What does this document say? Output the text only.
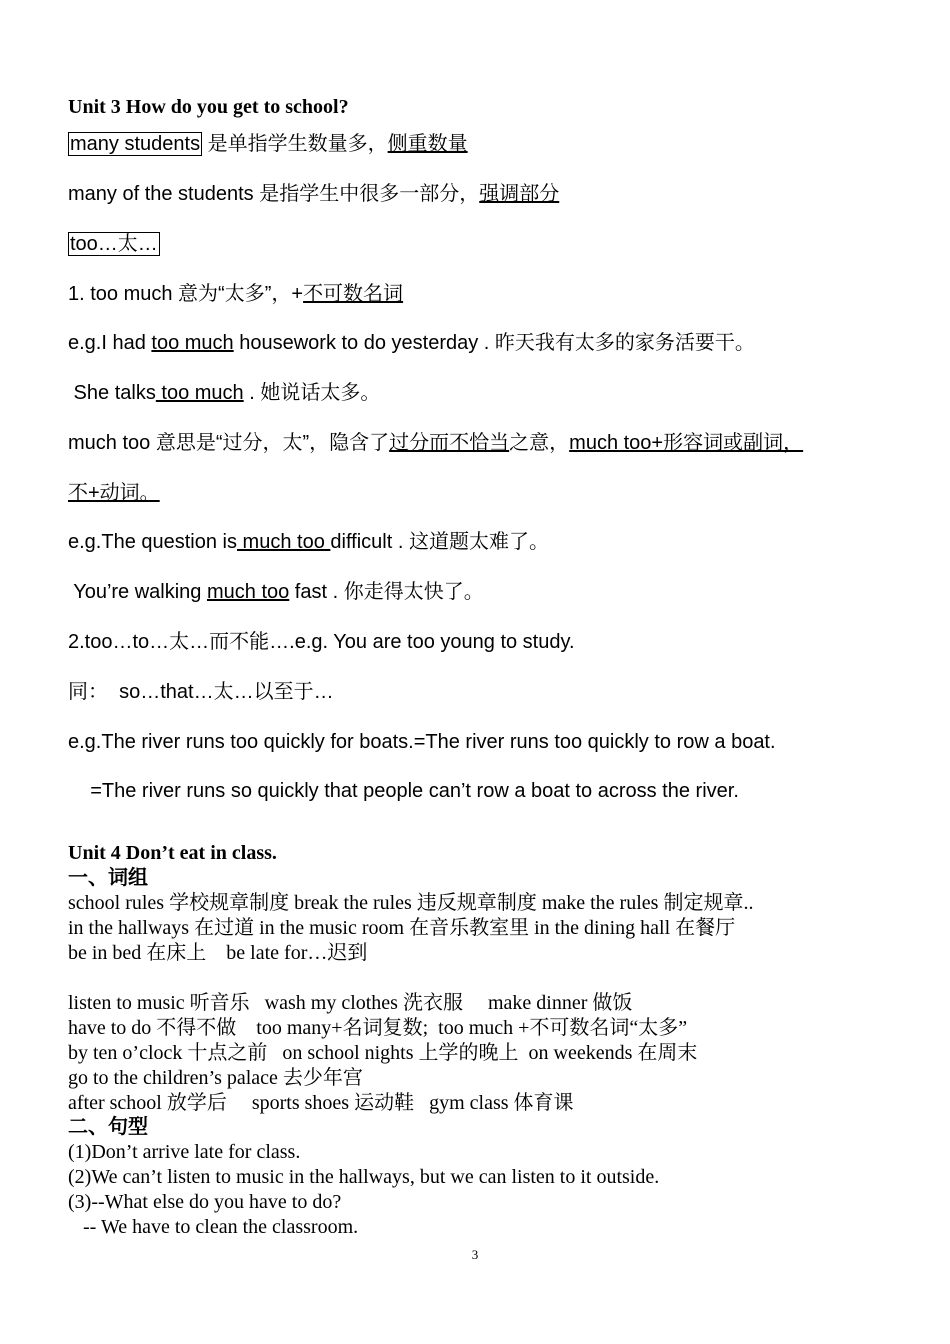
Unit 3 How do you get to school?
many students 是单指学生数量多，侧重数量
many of the students 是指学生中很多一部分，强调部分
too…太…
1. too much 意为“太多”，+不可数名词
e.g.I had too much housework to do yesterday . 昨天我有太多的家务活要干。
She talks too much . 她说话太多。
much too 意思是“过分，太”，隐含了过分而不恰当之意，much too+形容词或副词，
不+动词。
e.g.The question is much too difficult . 这道题太难了。
You’re walking much too fast . 你走得太快了。
2.too…to…太…而不能….e.g. You are too young to study.
同：  so…that…太…以至于…
e.g.The river runs too quickly for boats.=The river runs too quickly to row a boat.
=The river runs so quickly that people can’t row a boat to across the river.
Unit 4 Don’t eat in class.
一、词组
school rules 学校规章制度 break the rules 违反规章制度 make the rules 制定规章..
in the hallways 在过道 in the music room 在音乐教室里 in the dining hall 在餐厅
be in bed 在床上    be late for…迟到
listen to music 听音乐   wash my clothes 洗衣服     make dinner 做饭
have to do 不得不做    too many+名词复数;  too much +不可数名词“太多”
by ten o’clock 十点之前   on school nights 上学的晚上  on weekends 在周末
go to the children’s palace 去少年宫
after school 放学后     sports shoes 运动鞋   gym class 体育课
二、句型
(1)Don’t arrive late for class.
(2)We can’t listen to music in the hallways, but we can listen to it outside.
(3)--What else do you have to do?
-- We have to clean the classroom.
3
